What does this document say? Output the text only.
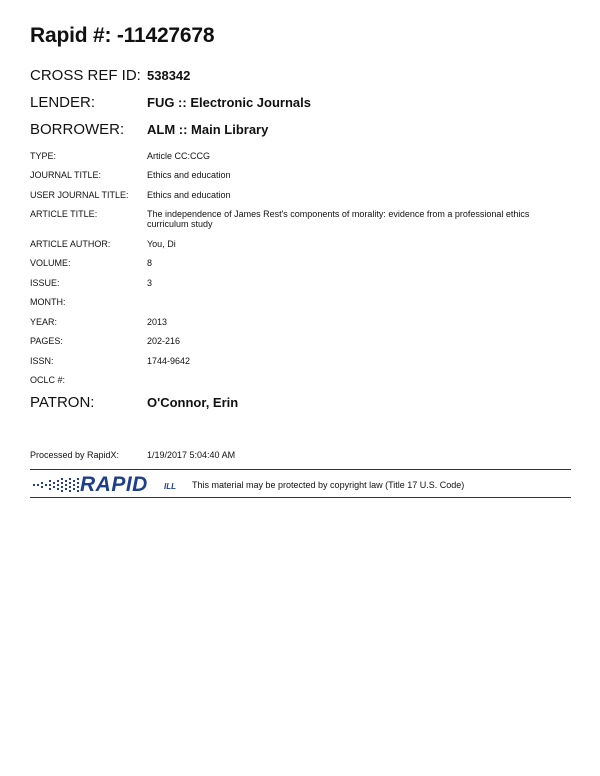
Rapid #: -11427678
CROSS REF ID: 538342
LENDER:	FUG :: Electronic Journals
BORROWER: ALM :: Main Library
TYPE:	Article CC:CCG
JOURNAL TITLE:	Ethics and education
USER JOURNAL TITLE: Ethics and education
ARTICLE TITLE:	The independence of James Rest's components of morality: evidence from a professional ethics curriculum study
ARTICLE AUTHOR:	You, Di
VOLUME:	8
ISSUE:	3
MONTH:
YEAR:	2013
PAGES:	202-216
ISSN:	1744-9642
OCLC #:
PATRON:	O'Connor, Erin
Processed by RapidX:	1/19/2017 5:04:40 AM
RAPID ILL This material may be protected by copyright law (Title 17 U.S. Code)
